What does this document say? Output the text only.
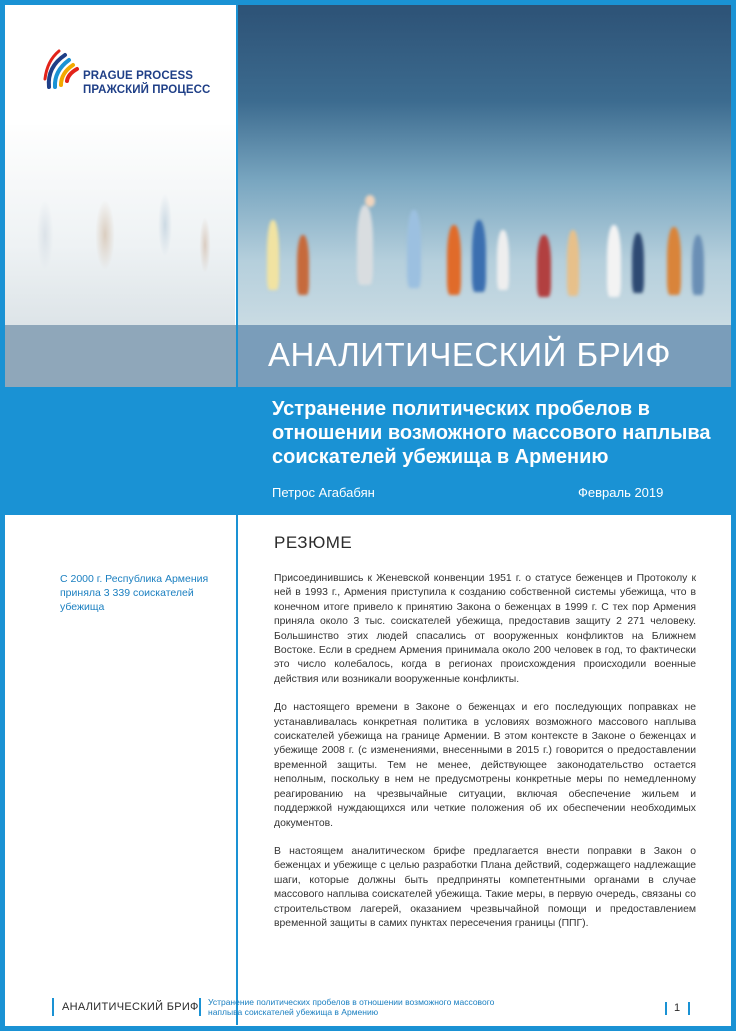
PRAGUE PROCESS
ПРАЖСКИЙ ПРОЦЕСС
АНАЛИТИЧЕСКИЙ БРИФ
Устранение политических пробелов в отношении возможного массового наплыва соискателей убежища в Армению
Петрос Агабабян	Февраль 2019
РЕЗЮМЕ
С 2000 г. Республика Армения приняла 3 339 соискателей убежища

Присоединившись к Женевской конвенции 1951 г. о статусе беженцев и Протоколу к ней в 1993 г., Армения приступила к созданию собственной системы убежища, что в конечном итоге привело к принятию Закона о беженцах в 1999 г. С тех пор Армения приняла около 3 тыс. соискателей убежища, предоставив защиту 2 271 человеку. Большинство этих людей спасались от вооруженных конфликтов на Ближнем Востоке. Если в среднем Армения принимала около 200 человек в год, то фактически это число колебалось, когда в регионах происхождения происходили военные действия или возникали вооруженные конфликты.

До настоящего времени в Законе о беженцах и его последующих поправках не устанавливалась конкретная политика в условиях возможного массового наплыва соискателей убежища на границе Армении. В этом контексте в Законе о беженцах и убежище 2008 г. (с изменениями, внесенными в 2015 г.) говорится о предоставлении временной защиты. Тем не менее, действующее законодательство остается неполным, поскольку в нем не предусмотрены конкретные меры по немедленному реагированию на чрезвычайные ситуации, включая обеспечение жильем и поддержкой нуждающихся или четкие положения об их обеспечении необходимых документов.

В настоящем аналитическом брифе предлагается внести поправки в Закон о беженцах и убежище с целью разработки Плана действий, содержащего надлежащие шаги, которые должны быть предприняты компетентными органами в случае массового наплыва соискателей убежища. Такие меры, в первую очередь, связаны со строительством лагерей, оказанием чрезвычайной помощи и предоставлением временной защиты в самих пунктах пересечения границы (ППГ).

АНАЛИТИЧЕСКИЙ БРИФ Устранение политических пробелов в отношении возможного массового наплыва соискателей убежища в Армению	1
